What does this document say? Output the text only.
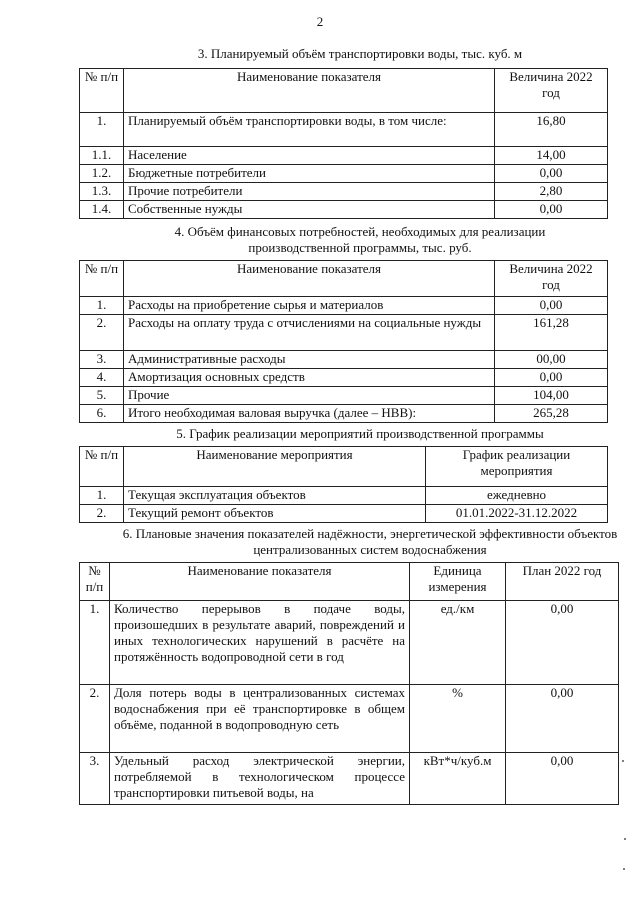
2
3. Планируемый объём транспортировки воды, тыс. куб. м
№ п/п	Наименование показателя	Величина 2022 год
1.	Планируемый объём транспортировки воды, в том числе:	16,80
1.1.	Население	14,00
1.2.	Бюджетные потребители	0,00
1.3.	Прочие потребители	2,80
1.4.	Собственные нужды	0,00
4. Объём финансовых потребностей, необходимых для реализации производственной программы, тыс. руб.
№ п/п	Наименование показателя	Величина 2022 год
1.	Расходы на приобретение сырья и материалов	0,00
2.	Расходы на оплату труда с отчислениями на социальные нужды	161,28
3.	Административные расходы	00,00
4.	Амортизация основных средств	0,00
5.	Прочие	104,00
6.	Итого необходимая валовая выручка (далее – НВВ):	265,28
5. График реализации мероприятий производственной программы
№ п/п	Наименование мероприятия	График реализации мероприятия
1.	Текущая эксплуатация объектов	ежедневно
2.	Текущий ремонт объектов	01.01.2022-31.12.2022
6. Плановые значения показателей надёжности, энергетической эффективности объектов централизованных систем водоснабжения
№ п/п	Наименование показателя	Единица измерения	План 2022 год
1.	Количество перерывов в подаче воды, произошедших в результате аварий, повреждений и иных технологических нарушений в расчёте на протяжённость водопроводной сети в год	ед./км	0,00
2.	Доля потерь воды в централизованных системах водоснабжения при её транспортировке в общем объёме, поданной в водопроводную сеть	%	0,00
3.	Удельный расход электрической энергии, потребляемой в технологическом процессе транспортировки питьевой воды, на	кВт*ч/куб.м	0,00
